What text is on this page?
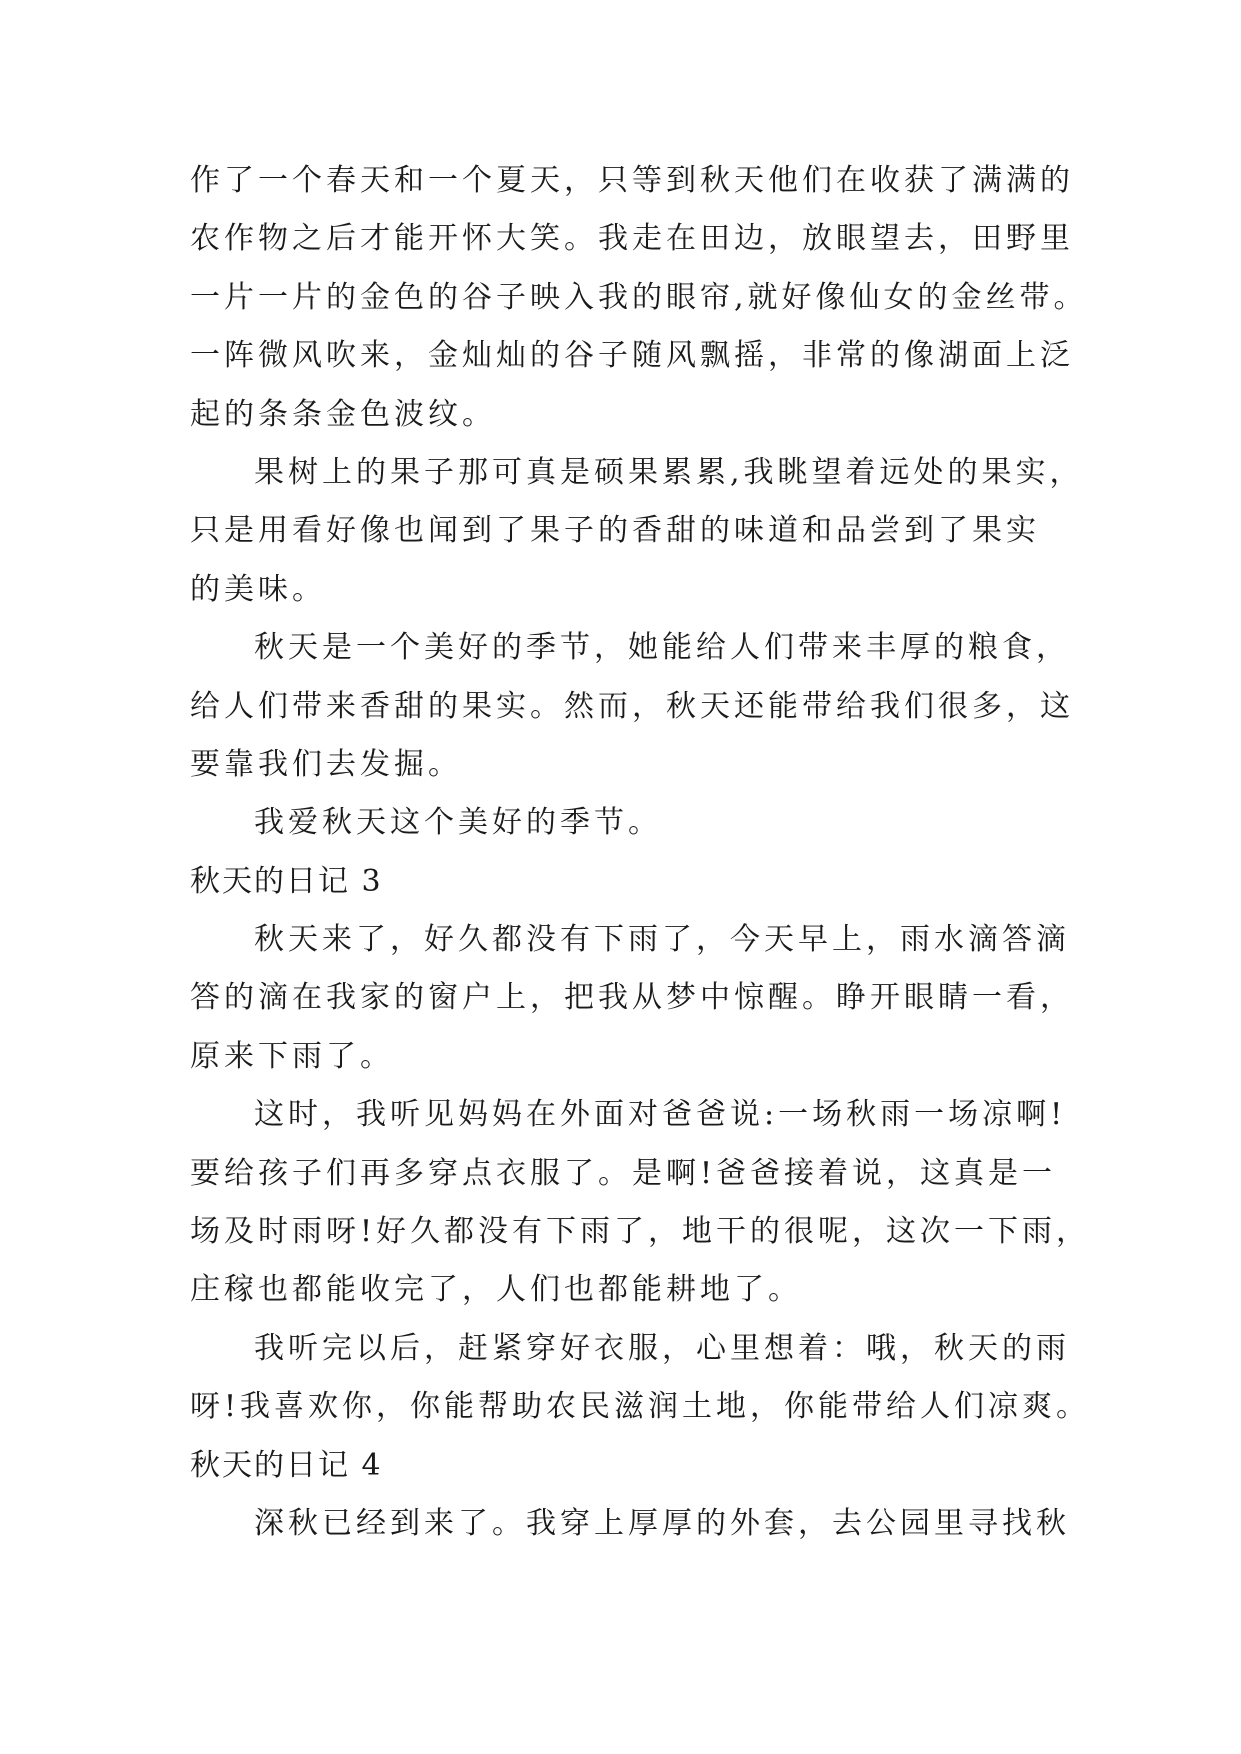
作了一个春天和一个夏天，只等到秋天他们在收获了满满的
农作物之后才能开怀大笑。我走在田边，放眼望去，田野里
一片一片的金色的谷子映入我的眼帘,就好像仙女的金丝带。
一阵微风吹来，金灿灿的谷子随风飘摇，非常的像湖面上泛
起的条条金色波纹。
果树上的果子那可真是硕果累累,我眺望着远处的果实，
只是用看好像也闻到了果子的香甜的味道和品尝到了果实
的美味。
秋天是一个美好的季节，她能给人们带来丰厚的粮食，
给人们带来香甜的果实。然而，秋天还能带给我们很多，这
要靠我们去发掘。
我爱秋天这个美好的季节。
秋天的日记 3
秋天来了，好久都没有下雨了，今天早上，雨水滴答滴
答的滴在我家的窗户上，把我从梦中惊醒。睁开眼睛一看，
原来下雨了。
这时，我听见妈妈在外面对爸爸说:一场秋雨一场凉啊!
要给孩子们再多穿点衣服了。是啊!爸爸接着说，这真是一
场及时雨呀!好久都没有下雨了，地干的很呢，这次一下雨，
庄稼也都能收完了，人们也都能耕地了。
我听完以后，赶紧穿好衣服，心里想着：哦，秋天的雨
呀!我喜欢你，你能帮助农民滋润土地，你能带给人们凉爽。
秋天的日记 4
深秋已经到来了。我穿上厚厚的外套，去公园里寻找秋
